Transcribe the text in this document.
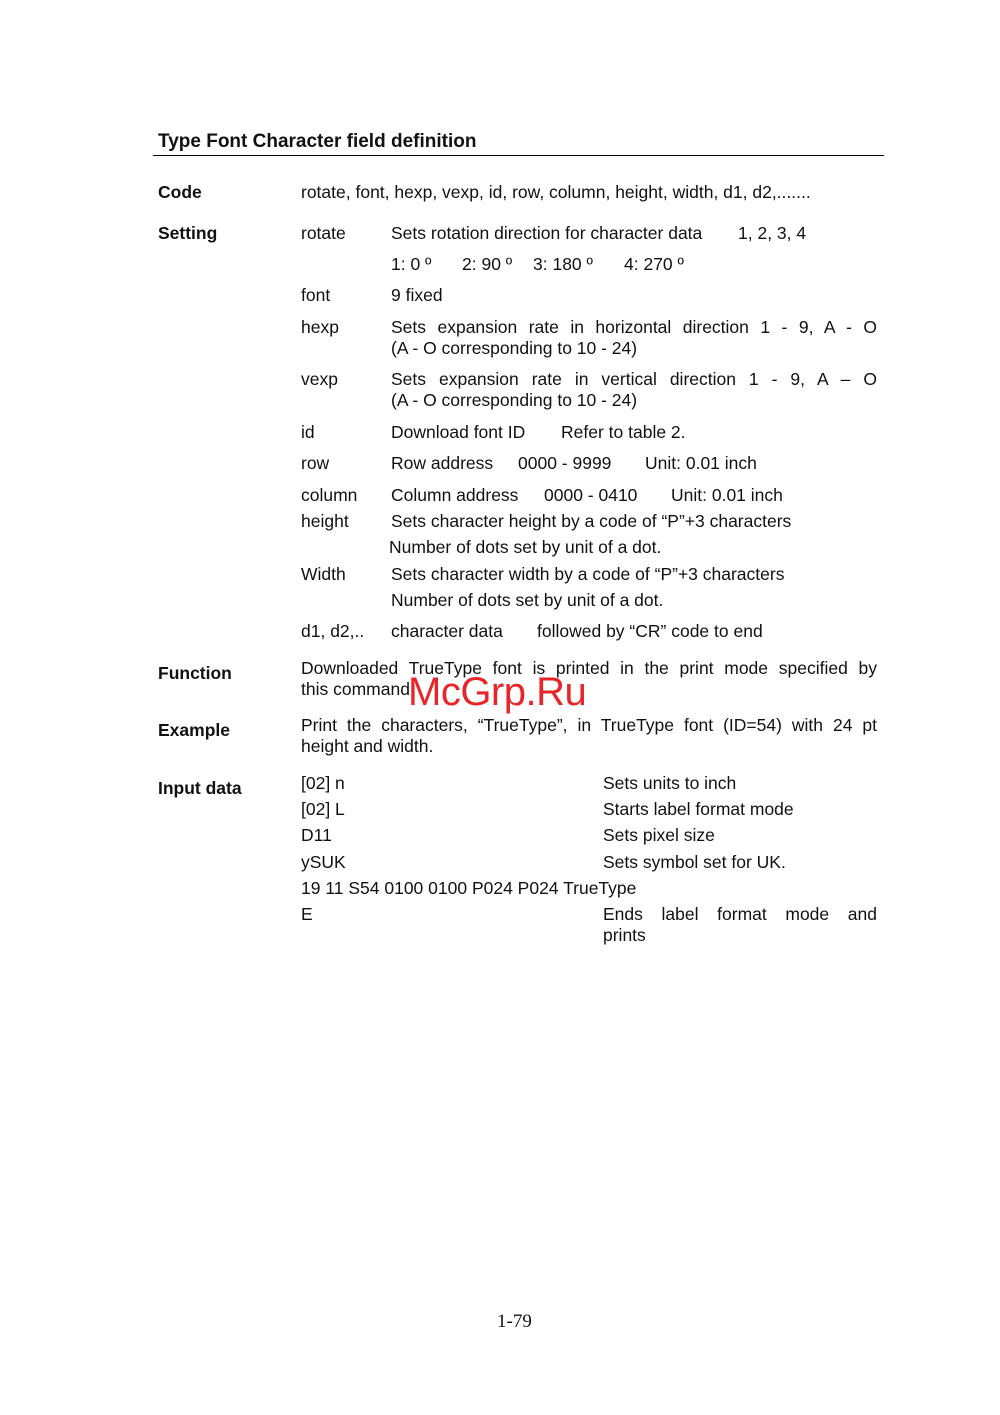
Type Font Character field definition
Code	rotate, font, hexp, vexp, id, row, column, height, width, d1, d2,.......
Setting	rotate	Sets rotation direction for character data 1, 2, 3, 4
1: 0 º 2: 90 º 3: 180 º 4: 270 º
font	9 fixed
hexp	Sets expansion rate in horizontal direction 1 - 9, A - O
(A - O corresponding to 10 - 24)
vexp	Sets expansion rate in vertical direction 1 - 9, A – O
(A - O corresponding to 10 - 24)
id	Download font ID Refer to table 2.
row	Row address 0000 - 9999 Unit: 0.01 inch
column Column address 0000 - 0410 Unit: 0.01 inch
height Sets character height by a code of “P”+3 characters
Number of dots set by unit of a dot.
Width	Sets character width by a code of “P”+3 characters
Number of dots set by unit of a dot.
d1, d2,.. character data followed by “CR” code to end
Function	Downloaded TrueType font is printed in the print mode specified by
this command.
Example	Print the characters, “TrueType”, in TrueType font (ID=54) with 24 pt
height and width.
Input data	[02] n	Sets units to inch
[02] L	Starts label format mode
D11	Sets pixel size
ySUK	Sets symbol set for UK.
19 11 S54 0100 0100 P024 P024 TrueType
E	Ends label format mode and
prints
McGrp.Ru
1-79
